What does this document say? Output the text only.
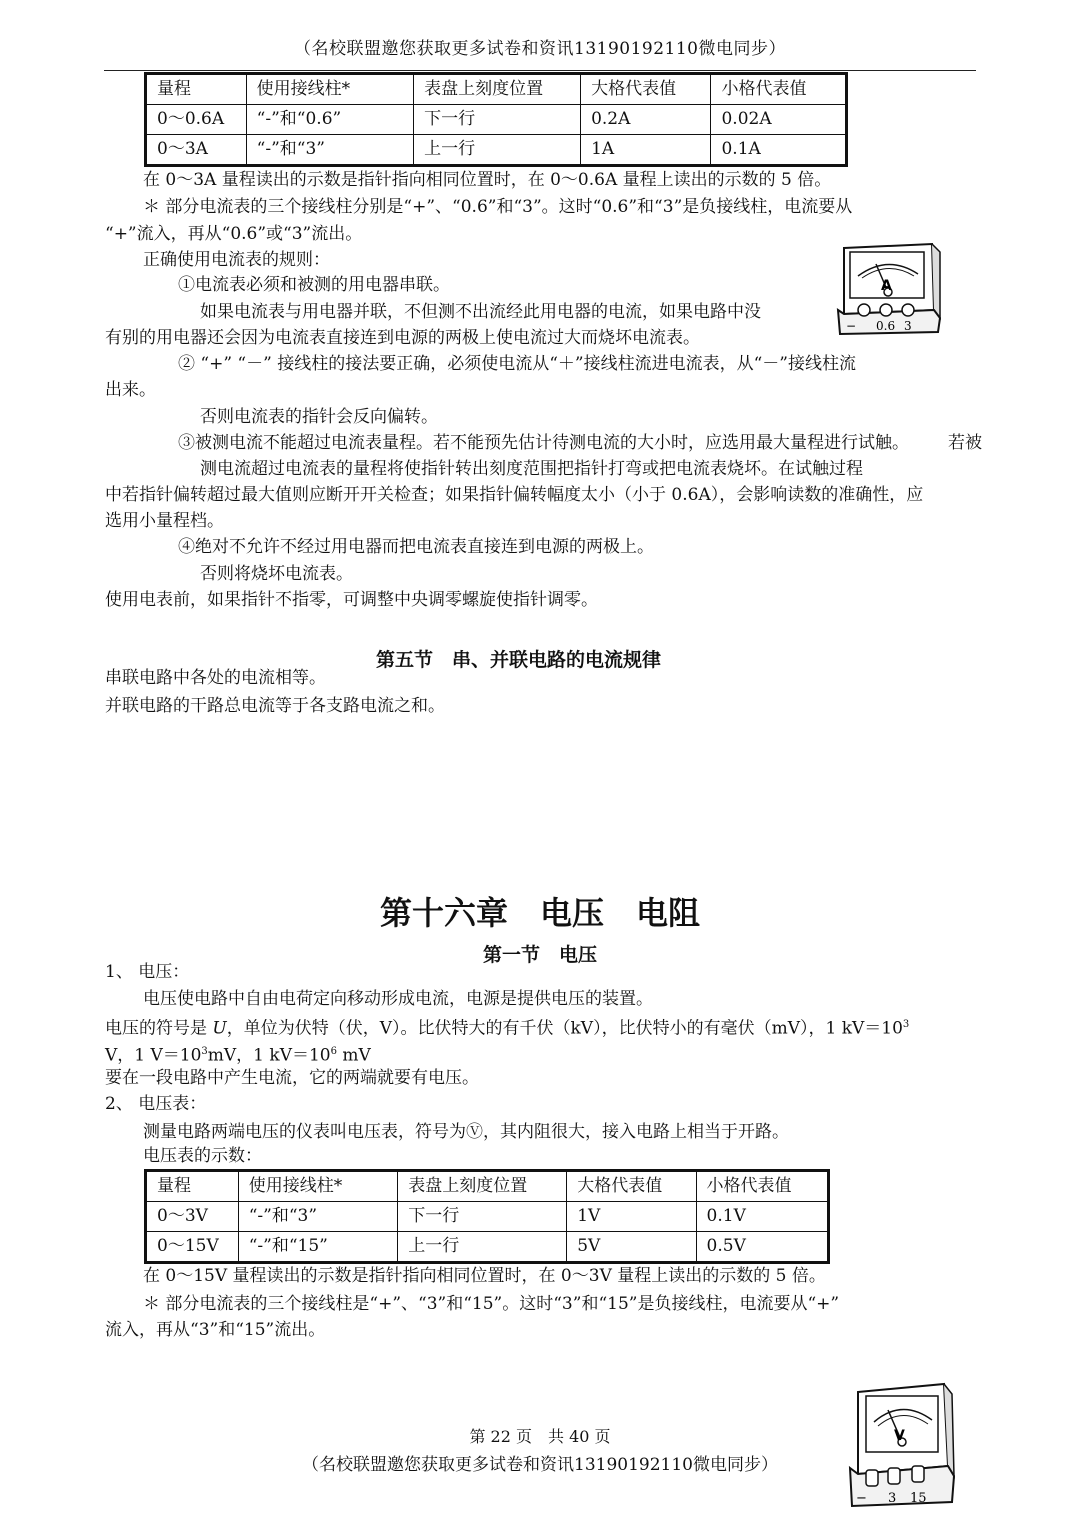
（名校联盟邀您获取更多试卷和资讯13190192110微电同步）
量程	使用接线柱*	表盘上刻度位置	大格代表值	小格代表值
0～0.6A	“-”和“0.6”	下一行	0.2A	0.02A
0～3A	“-”和“3”	上一行	1A	0.1A
在 0～3A 量程读出的示数是指针指向相同位置时，在 0～0.6A 量程上读出的示数的 5 倍。
＊ 部分电流表的三个接线柱分别是“+”、“0.6”和“3”。这时“0.6”和“3”是负接线柱，电流要从
“+”流入，再从“0.6”或“3”流出。
正确使用电流表的规则：
①电流表必须和被测的用电器串联。
如果电流表与用电器并联，不但测不出流经此用电器的电流，如果电路中没
有别的用电器还会因为电流表直接连到电源的两极上使电流过大而烧坏电流表。
② “+” “－” 接线柱的接法要正确，必须使电流从“＋”接线柱流进电流表，从“－”接线柱流
出来。
否则电流表的指针会反向偏转。
③被测电流不能超过电流表量程。若不能预先估计待测电流的大小时，应选用最大量程进行试触。 若被
测电流超过电流表的量程将使指针转出刻度范围把指针打弯或把电流表烧坏。在试触过程
中若指针偏转超过最大值则应断开开关检查；如果指针偏转幅度太小（小于 0.6A），会影响读数的准确性，应
选用小量程档。
④绝对不允许不经过用电器而把电流表直接连到电源的两极上。
否则将烧坏电流表。
使用电表前，如果指针不指零，可调整中央调零螺旋使指针调零。
A
− 0.6 3
第五节　串、并联电路的电流规律
串联电路中各处的电流相等。
并联电路的干路总电流等于各支路电流之和。
第十六章　电压　电阻
第一节　电压
1、 电压：
电压使电路中自由电荷定向移动形成电流，电源是提供电压的装置。
电压的符号是 U，单位为伏特（伏，V）。比伏特大的有千伏（kV），比伏特小的有毫伏（mV），1 $kV=10^3$
V，1 $V=10^3mV$，1 $kV=10^6$ mV
要在一段电路中产生电流，它的两端就要有电压。
2、 电压表：
测量电路两端电压的仪表叫电压表，符号为Ⓥ，其内阻很大，接入电路上相当于开路。
电压表的示数：
量程	使用接线柱*	表盘上刻度位置	大格代表值	小格代表值
0～3V	“-”和“3”	下一行	1V	0.1V
0～15V	“-”和“15”	上一行	5V	0.5V
在 0～15V 量程读出的示数是指针指向相同位置时，在 0～3V 量程上读出的示数的 5 倍。
＊ 部分电流表的三个接线柱是“+”、“3”和“15”。这时“3”和“15”是负接线柱，电流要从“+”
流入，再从“3”和“15”流出。
V
− 3 15
第 22 页　共 40 页
（名校联盟邀您获取更多试卷和资讯13190192110微电同步）
